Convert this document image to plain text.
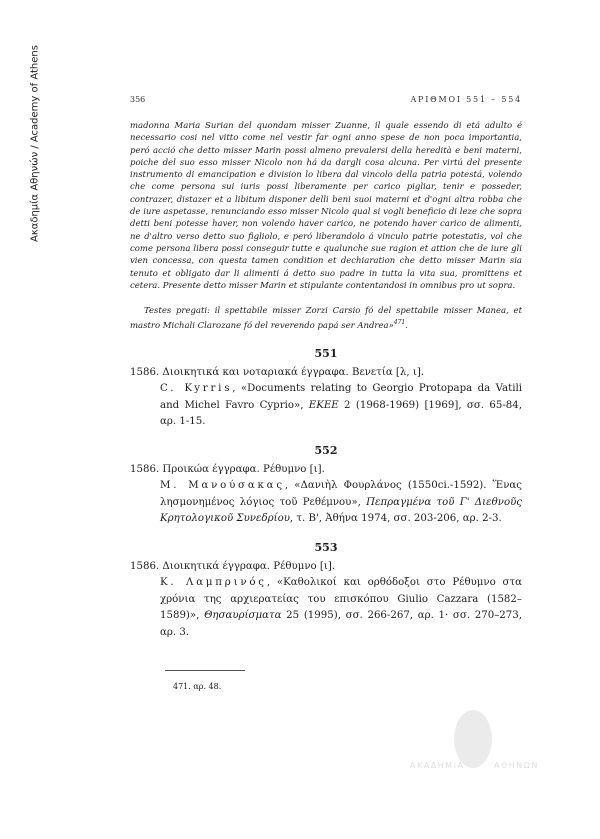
Ακαδημία Αθηνών / Academy of Athens	356	ΑΡΙΘΜΟΙ 551 – 554

madonna Maria Surian del quondam misser Zuanne, il quale essendo di etá adulto é necessario cosi nel vitto come nel vestir far ogni anno spese de non poca importantia, peró acció che detto misser Marin possi almeno prevalersi della heredità e beni materni, poiche del suo esso misser Nicolo non há da dargli cosa alcuna. Per virtú del presente instrumento di emancipation e division lo libera dal vincolo della patria potestá, volendo che come persona sui iuris possi liberamente per carico pigliar, tenir e posseder, contrazer, distazer et a libitum disponer delli beni suoi materni et d'ogni altra robba che de iure aspetasse, renunciando esso misser Nicolo qual si vogli beneficio di leze che sopra detti beni potesse haver, non volendo haver carico, ne potendo haver carico de alimenti, ne d'altro verso detto suo figliolo, e peró liberandolo á vinculo patrie potestatis, vol che come persona libera possi conseguir tutte e qualunche sue ragion et attion che de iure gli vien concessa, con questa tamen condition et dechiaration che detto misser Marin sia tenuto et obligato dar li alimenti á detto suo padre in tutta la vita sua, promittens et cetera. Presente detto misser Marin et stipulante contentandosi in omnibus pro ut sopra.

Testes pregati: il spettabile misser Zorzi Carsio fó del spettabile misser Manea, et mastro Michali Clarozane fó del reverendo papá ser Andrea»$^{471}$.

551
1586. Διοικητικά και νοταριακά έγγραφα. Βενετία [λ, ι].
C. Kyrris, «Documents relating to Georgio Protopapa da Vatili and Michel Favro Cyprio», EKEE 2 (1968-1969) [1969], σσ. 65-84, αρ. 1-15.
552
1586. Προικώα έγγραφα. Ρέθυμνο [ι].
Μ. Μανούσακας, «Δανιὴλ Φουρλάνος (1550ci.-1592). Ἕνας λησμονημένος λόγιος τοῦ Ρεθέμνου», Πεπραγμένα τοῦ Γ' Διεθνοῦς Κρητολογικοῦ Συνεδρίου, τ. Β', Ἀθήνα 1974, σσ. 203-206, αρ. 2-3.
553
1586. Διοικητικά έγγραφα. Ρέθυμνο [ι].
Κ. Λαμπρινός, «Καθολικοί και ορθόδοξοι στο Ρέθυμνο στα χρόνια της αρχιερατείας του επισκόπου Giulio Cazzara (1582–1589)», Θησαυρίσματα 25 (1995), σσ. 266-267, αρ. 1· σσ. 270–273, αρ. 3.
471. αρ. 48.
ΑΚΑΔΗΜΙΑ	ΑΘΗΝΩΝ
